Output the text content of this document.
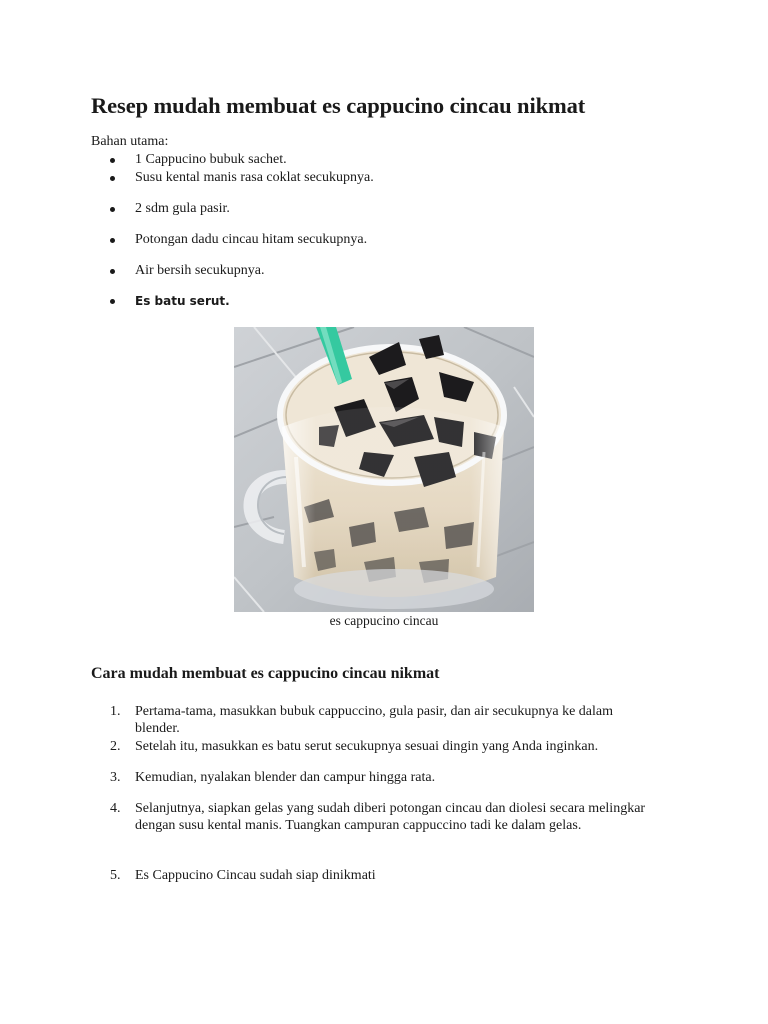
Resep mudah membuat es cappucino cincau nikmat
Bahan utama:
1 Cappucino bubuk sachet.
Susu kental manis rasa coklat secukupnya.
2 sdm gula pasir.
Potongan dadu cincau hitam secukupnya.
Air bersih secukupnya.
Es batu serut.
es cappucino cincau
Cara mudah membuat es cappucino cincau nikmat
1. Pertama-tama, masukkan bubuk cappuccino, gula pasir, dan air secukupnya ke dalam blender.
2. Setelah itu, masukkan es batu serut secukupnya sesuai dingin yang Anda inginkan.
3. Kemudian, nyalakan blender dan campur hingga rata.
4. Selanjutnya, siapkan gelas yang sudah diberi potongan cincau dan diolesi secara melingkar dengan susu kental manis. Tuangkan campuran cappuccino tadi ke dalam gelas.
5. Es Cappucino Cincau sudah siap dinikmati
